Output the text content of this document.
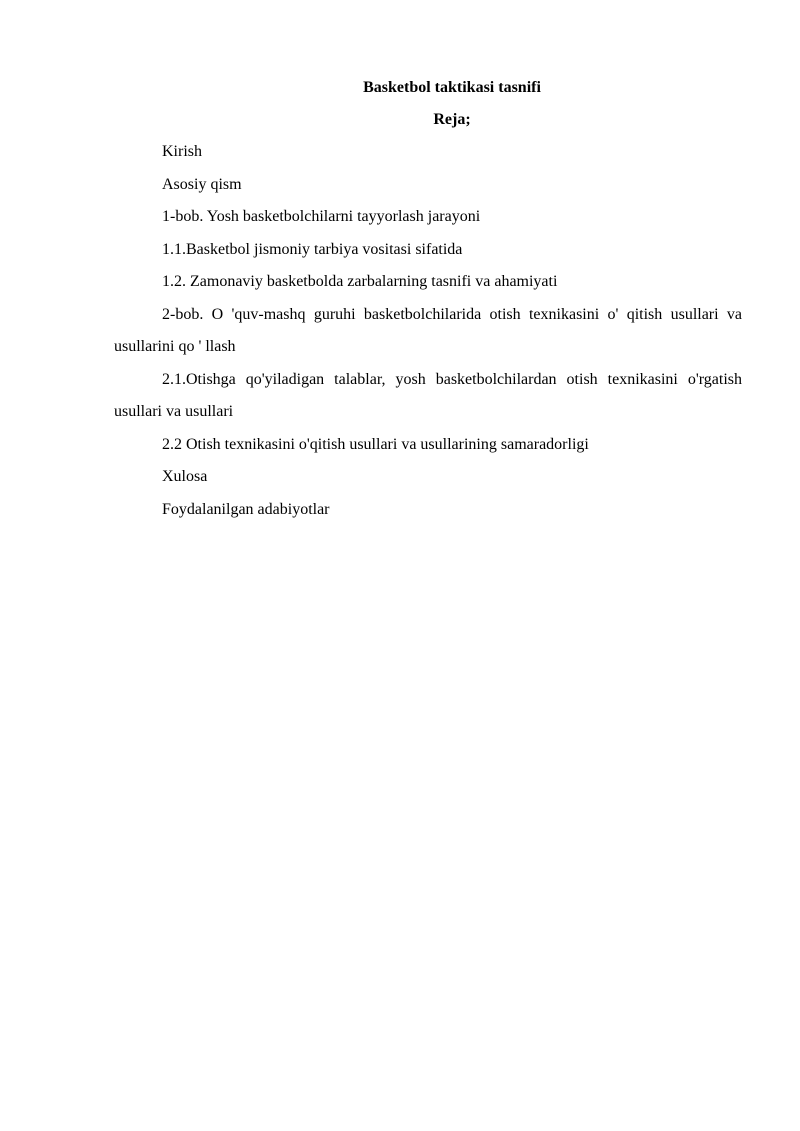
Basketbol taktikasi tasnifi
Reja;
Kirish
Asosiy qism
1-bob. Yosh basketbolchilarni tayyorlash jarayoni
1.1.Basketbol jismoniy tarbiya vositasi sifatida
1.2. Zamonaviy basketbolda zarbalarning tasnifi va ahamiyati
2-bob. O 'quv-mashq guruhi basketbolchilarida otish texnikasini o' qitish usullari va usullarini qo ' llash
2.1.Otishga qo'yiladigan talablar, yosh basketbolchilardan otish texnikasini o'rgatish usullari va usullari
2.2 Otish texnikasini o'qitish usullari va usullarining samaradorligi
Xulosa
Foydalanilgan adabiyotlar
